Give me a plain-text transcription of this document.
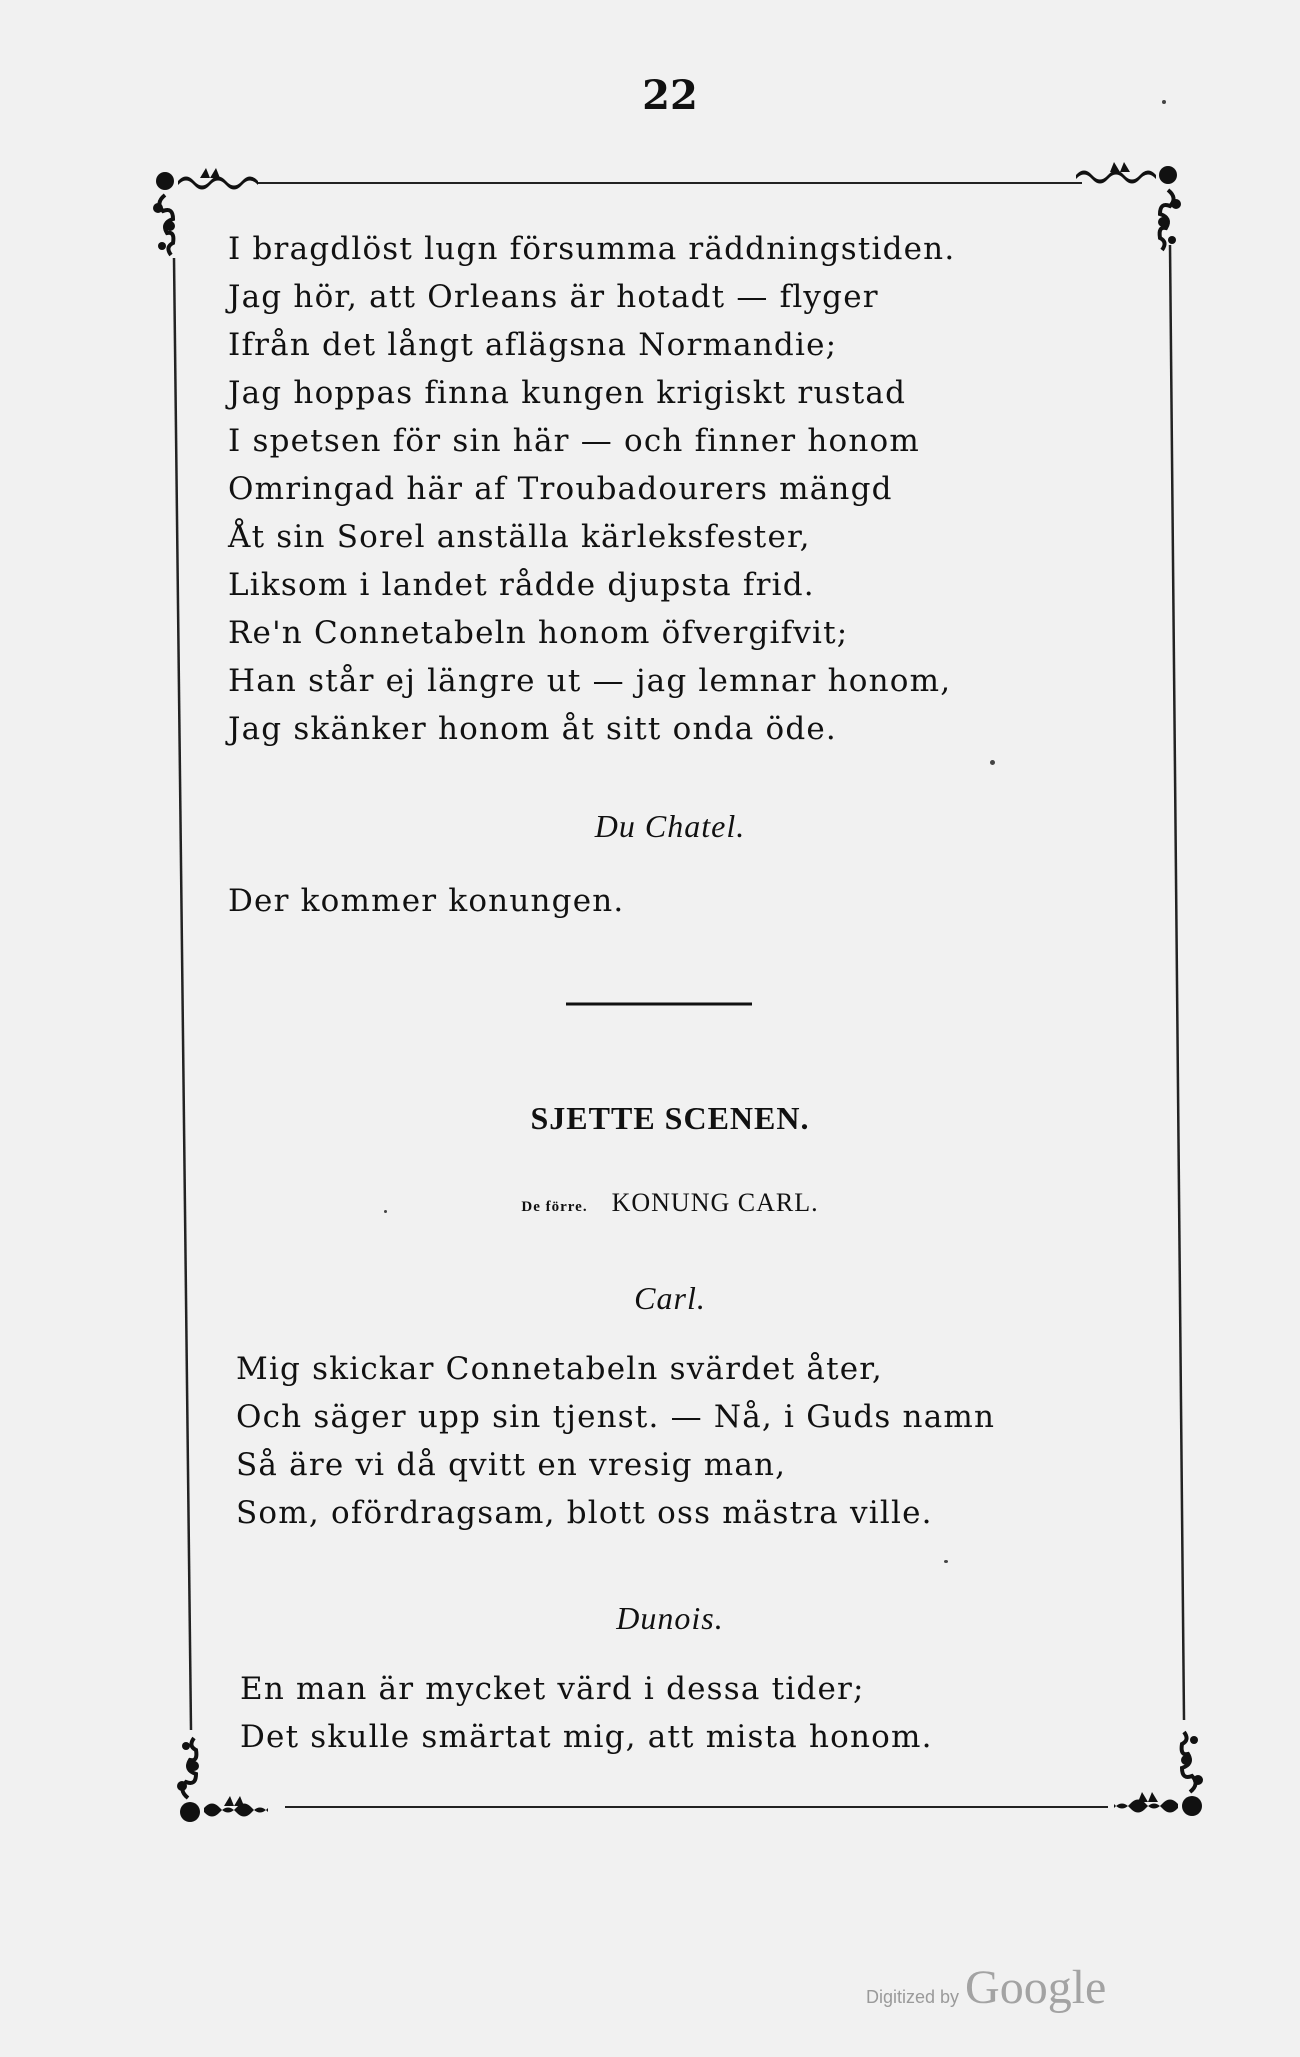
22
I bragdlöst lugn försumma räddningstiden.
Jag hör, att Orleans är hotadt — flyger
Ifrån det långt aflägsna Normandie;
Jag hoppas finna kungen krigiskt rustad
I spetsen för sin här — och finner honom
Omringad här af Troubadourers mängd
Åt sin Sorel anställa kärleksfester,
Liksom i landet rådde djupsta frid.
Re'n Connetabeln honom öfvergifvit;
Han står ej längre ut — jag lemnar honom,
Jag skänker honom åt sitt onda öde.
Du Chatel.
Der kommer konungen.
SJETTE SCENEN.
De förre. KONUNG CARL.
Carl.
Mig skickar Connetabeln svärdet åter,
Och säger upp sin tjenst. — Nå, i Guds namn
Så äre vi då qvitt en vresig man,
Som, ofördragsam, blott oss mästra ville.
Dunois.
En man är mycket värd i dessa tider;
Det skulle smärtat mig, att mista honom.
Digitized by Google
